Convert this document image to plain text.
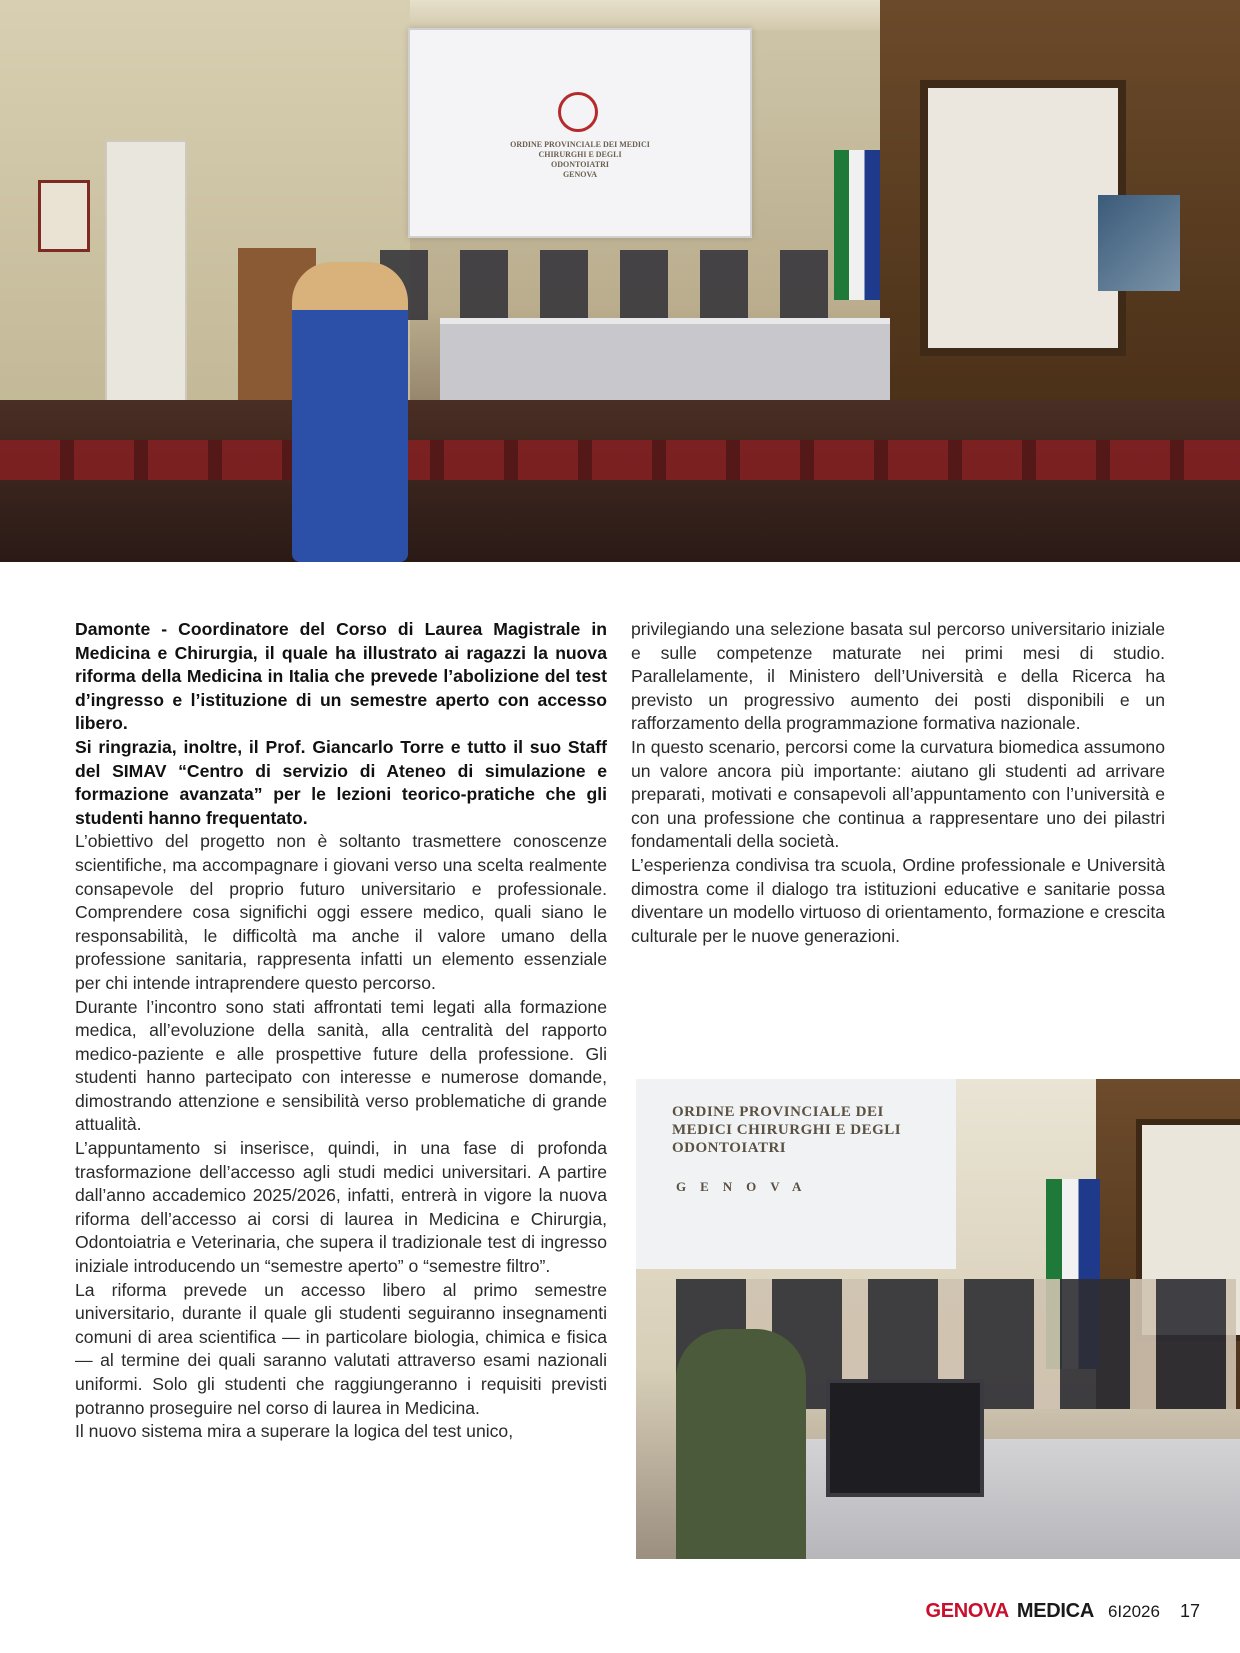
ORDINE PROVINCIALE DEI MEDICI CHIRURGHI E DEGLI ODONTOIATRI
GENOVA

Damonte - Coordinatore del Corso di Laurea Magistrale in Medicina e Chirurgia, il quale ha illustrato ai ragazzi la nuova riforma della Medicina in Italia che prevede l’abolizione del test d’ingresso e l’istituzione di un semestre aperto con accesso libero.

Si ringrazia, inoltre, il Prof. Giancarlo Torre e tutto il suo Staff del SIMAV “Centro di servizio di Ateneo di simulazione e formazione avanzata” per le lezioni teorico-pratiche che gli studenti hanno frequentato.

L’obiettivo del progetto non è soltanto trasmettere conoscenze scientifiche, ma accompagnare i giovani verso una scelta realmente consapevole del proprio futuro universitario e professionale. Comprendere cosa significhi oggi essere medico, quali siano le responsabilità, le difficoltà ma anche il valore umano della professione sanitaria, rappresenta infatti un elemento essenziale per chi intende intraprendere questo percorso.

Durante l’incontro sono stati affrontati temi legati alla formazione medica, all’evoluzione della sanità, alla centralità del rapporto medico-paziente e alle prospettive future della professione. Gli studenti hanno partecipato con interesse e numerose domande, dimostrando attenzione e sensibilità verso problematiche di grande attualità.

L’appuntamento si inserisce, quindi, in una fase di profonda trasformazione dell’accesso agli studi medici universitari. A partire dall’anno accademico 2025/2026, infatti, entrerà in vigore la nuova riforma dell’accesso ai corsi di laurea in Medicina e Chirurgia, Odontoiatria e Veterinaria, che supera il tradizionale test di ingresso iniziale introducendo un “semestre aperto” o “semestre filtro”.

La riforma prevede un accesso libero al primo semestre universitario, durante il quale gli studenti seguiranno insegnamenti comuni di area scientifica — in particolare biologia, chimica e fisica — al termine dei quali saranno valutati attraverso esami nazionali uniformi. Solo gli studenti che raggiungeranno i requisiti previsti potranno proseguire nel corso di laurea in Medicina.

Il nuovo sistema mira a superare la logica del test unico,

privilegiando una selezione basata sul percorso universitario iniziale e sulle competenze maturate nei primi mesi di studio. Parallelamente, il Ministero dell’Università e della Ricerca ha previsto un progressivo aumento dei posti disponibili e un rafforzamento della programmazione formativa nazionale.

In questo scenario, percorsi come la curvatura biomedica assumono un valore ancora più importante: aiutano gli studenti ad arrivare preparati, motivati e consapevoli all’appuntamento con l’università e con una professione che continua a rappresentare uno dei pilastri fondamentali della società.

L’esperienza condivisa tra scuola, Ordine professionale e Università dimostra come il dialogo tra istituzioni educative e sanitarie possa diventare un modello virtuoso di orientamento, formazione e crescita culturale per le nuove generazioni.

ORDINE PROVINCIALE DEI MEDICI CHIRURGHI E DEGLI ODONTOIATRI
GENOVA
GENOVA MEDICA 6I2026 17
